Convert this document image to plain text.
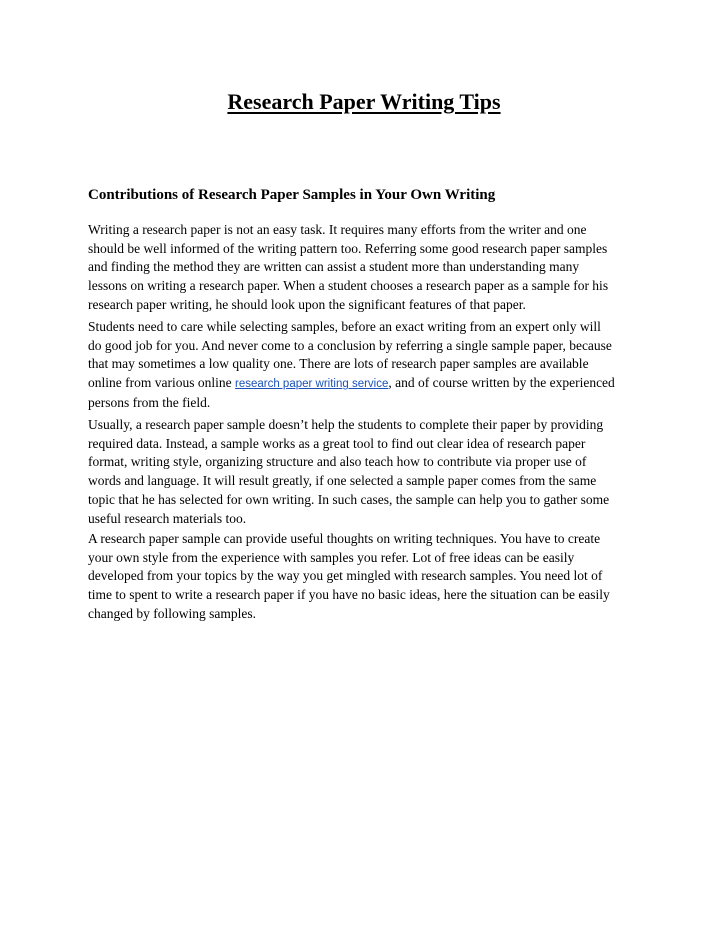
Research Paper Writing Tips
Contributions of Research Paper Samples in Your Own Writing
Writing a research paper is not an easy task. It requires many efforts from the writer and one
should be well informed of the writing pattern too. Referring some good research paper samples
and finding the method they are written can assist a student more than understanding many
lessons on writing a research paper. When a student chooses a research paper as a sample for his
research paper writing, he should look upon the significant features of that paper.
Students need to care while selecting samples, before an exact writing from an expert only will
do good job for you. And never come to a conclusion by referring a single sample paper, because
that may sometimes a low quality one. There are lots of research paper samples are available
online from various online research paper writing service, and of course written by the experienced
persons from the field.
Usually, a research paper sample doesn’t help the students to complete their paper by providing
required data. Instead, a sample works as a great tool to find out clear idea of research paper
format, writing style, organizing structure and also teach how to contribute via proper use of
words and language. It will result greatly, if one selected a sample paper comes from the same
topic that he has selected for own writing. In such cases, the sample can help you to gather some
useful research materials too.
A research paper sample can provide useful thoughts on writing techniques. You have to create
your own style from the experience with samples you refer. Lot of free ideas can be easily
developed from your topics by the way you get mingled with research samples. You need lot of
time to spent to write a research paper if you have no basic ideas, here the situation can be easily
changed by following samples.
